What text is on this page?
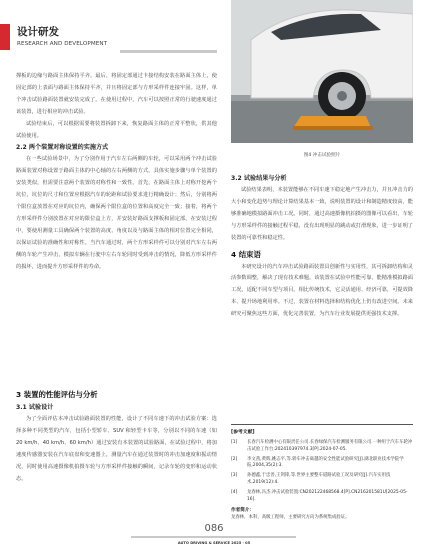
设计研发
RESEARCH AND DEVELOPMENT

撑板的边缘与路面主体保持平齐。最后，将固定部通过卡接结构安装在路面主体上，使固定部的上表面与路面主体保持平齐，并且将固定部与方形采样件连接牢固。这样，单个冲击试验路面装置就安装完成了。在使用过程中，汽车可以按照正常的行驶速度通过该装置，进行相应的冲击试验。

试验结束后，可以根据需要将装置拆卸下来，恢复路面主体的正常平整状，供其他试验使用。

2.2 两个装置对称设置的实施方式

在一些试验场景中，为了分别作用于汽车左右两侧的车轮，可以采用两个冲击试验路面装置对称设置于路面主体的中心轴的左右两侧的方式。具体实施步骤与单个装置的安装类似，但需要注意两个装置的对称性和一致性。首先，在路面主体上对称开挖两个坑位，坑位的尺寸和位置应根据汽车的轮距和试验要求进行精确设计；然后，分别将两个限位盒放置在对应的坑位内，确保两个限位盒的位置和高度完全一致；接着，将两个方形采样件分别放置在对应的限位盒上方，并安装好路面支撑板和固定部。在安装过程中，要使用测量工具确保两个装置的高度、角度以及与路面主体的相对位置完全相同，以保证试验的准确性和对称性。当汽车通过时，两个方形采样件可以分别对汽车左右两侧的车轮产生冲击，模拟车辆在行驶中左右车轮同时受到冲击的情况，降低方形采样件的损坏，进而提升方形采样件的寿命。

3 装置的性能评估与分析

3.1 试验设计

为了全面评估本冲击试验路面装置的性能，设计了不同车速下的冲击试验方案：选择多种不同类型的汽车，包括小型轿车、SUV 和轻型卡车等，分别以不同的车速（如 20 km/h、40 km/h、60 km/h）通过安装有本装置的试验路面，在试验过程中，将加速度传感器安装在汽车底盘和变速器上，测量汽车在通过装置时的冲击加速度和振动情况，同时使用高速摄像机拍摄车轮与方形采样件接触的瞬间，记录车轮的变形和运动状态。

图4 冲击试验照片

3.2 试验结果与分析

试验结果表明，本装置能够在不同车速下稳定地产生冲击力，并且冲击力的大小和变化趋势与理论计算结果基本一致，说明装置的设计和制造精度较高，能够准确地模拟路面冲击工况。同时，通过高速摄像机拍摄的图像可以看出，车轮与方形采样件的接触过程平稳，没有出现明显的跳动或打滑现象，进一步证明了装置的可靠性和稳定性。

4 结束语

本研究设计的汽车冲击试验路面装置具创新性与实用性，其可拆卸结构和灵活参数调整，解决了现有技术难题。该装置在试验中性能可靠，能精准模拟路面工况，适配不同车型与项目。相比传统技术，它灵活通用、经济可靠，可提效降本、提升场地利用率。不过，装置在材料选择和结构优化上仍有改进空间。未来研究可聚焦这些方面，优化完善装置，为汽车行业发展提供更强技术支撑。

[参考文献]
[1]	长春汽车检测中心有限责任公司.长春绿保汽车检测服务有限公司.一种用于汽车车轮冲击试验工作台:202410397974.3[P].2024-07-05.
[2]	李文茜,黄辉,姚志平,等.轿车冲击离越的安全性能试验研究[J].湖北职业技术学院学报,2004,35(2):3.
[3]	孙德鑫,于忠善,王剑锋,等.世界主要整车道路试验工况及研究[J].汽车实用技术,2019(12):4.
[4]	龙春林,冯杰.冲击试验装置:CN202122468568.4[P].CN216201581U[2025-05-16].
作者简介：
龙春林，本科，高级工程师，主要研究方向为系统集成验证。
086
AUTO DRIVING & SERVICE 2025 · 05
